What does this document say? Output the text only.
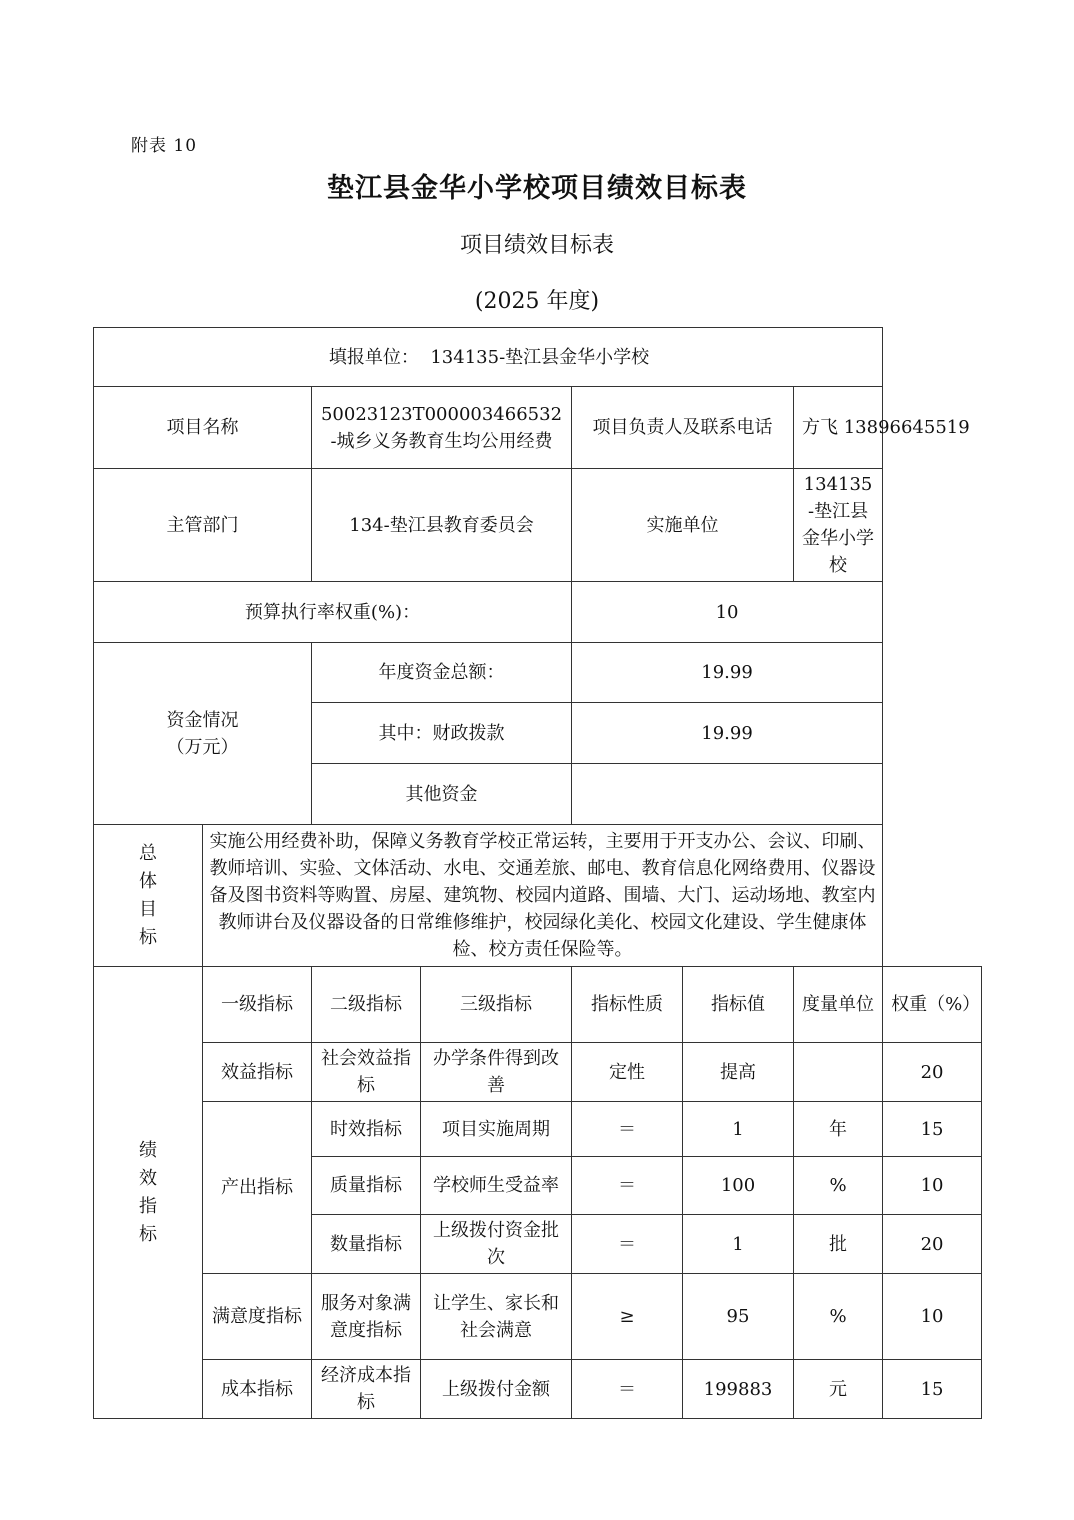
附表 10
垫江县金华小学校项目绩效目标表
项目绩效目标表
(2025 年度)
填报单位： 134135-垫江县金华小学校							
项目名称		50023123T000003466532-城乡义务教育生均公用经费		项目负责人及联系电话		方飞 13896645519	
主管部门		134-垫江县教育委员会		实施单位		134135-垫江县金华小学校	
预算执行率权重(%)：				10			

资金情况
（万元）		年度资金总额：		19.99			
		其中：财政拨款		19.99			
		其他资金					
总体目标	实施公用经费补助，保障义务教育学校正常运转，主要用于开支办公、会议、印刷、教师培训、实验、文体活动、水电、交通差旅、邮电、教育信息化网络费用、仪器设备及图书资料等购置、房屋、建筑物、校园内道路、围墙、大门、运动场地、教室内教师讲台及仪器设备的日常维修维护，校园绿化美化、校园文化建设、学生健康体检、校方责任保险等。						
绩效指标	一级指标	二级指标	三级指标	指标性质	指标值	度量单位	权重（%）
	效益指标	社会效益指标	办学条件得到改善	定性	提高		20
	产出指标	时效指标	项目实施周期	＝	1	年	15
		质量指标	学校师生受益率	＝	100	%	10
		数量指标	上级拨付资金批次	＝	1	批	20
	满意度指标	服务对象满意度指标	让学生、家长和社会满意	≥	95	%	10
	成本指标	经济成本指标	上级拨付金额	＝	199883	元	15
